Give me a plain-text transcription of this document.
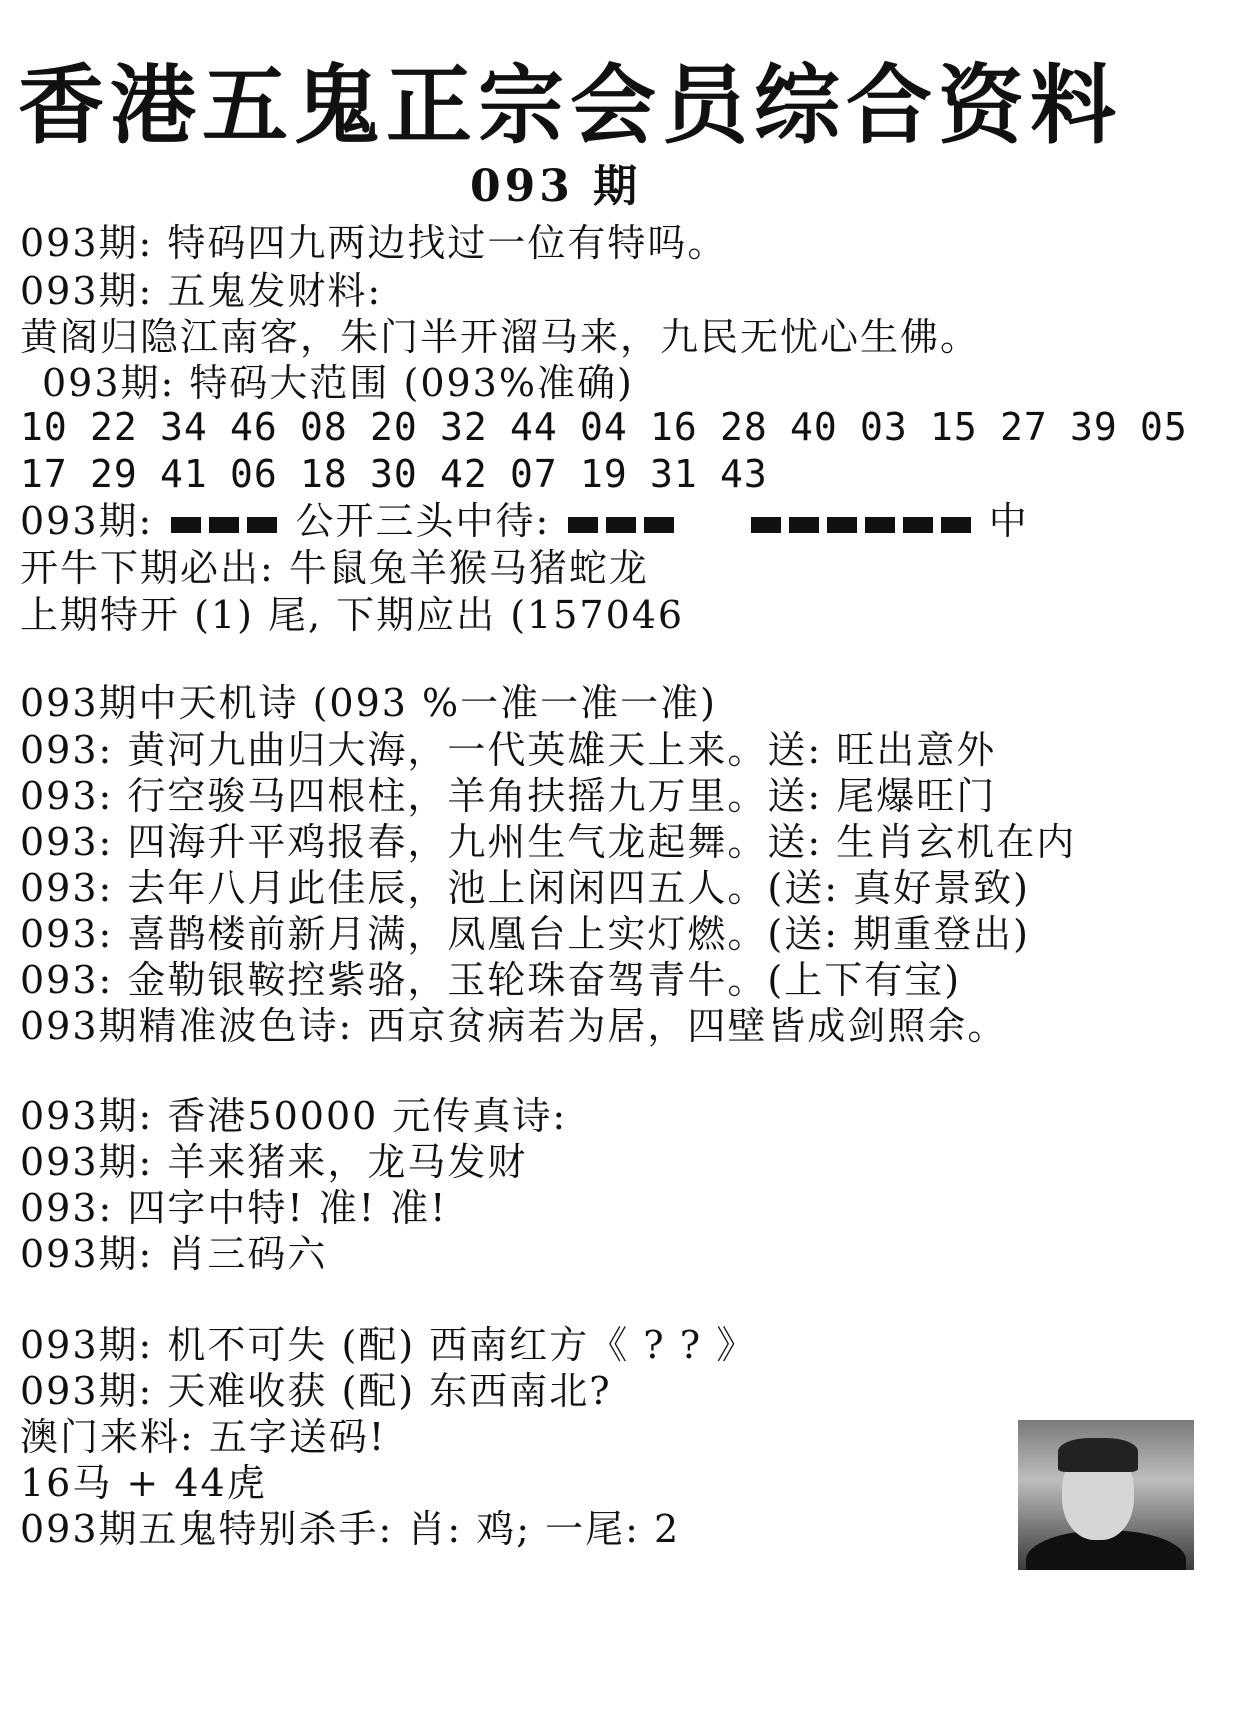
香港五鬼正宗会员综合资料
093 期
093期: 特码四九两边找过一位有特吗。
093期: 五鬼发财料:
黄阁归隐江南客，朱门半开溜马来，九民无忧心生佛。
093期: 特码大范围 (093%准确)
10 22 34 46 08 20 32 44 04 16 28 40 03 15 27 39 05
17 29 41 06 18 30 42 07 19 31 43
093期:	公开三头中待:	中
开牛下期必出: 牛鼠兔羊猴马猪蛇龙
上期特开 (1) 尾, 下期应出 (157046
093期中天机诗 (093 %一准一准一准)
093: 黄河九曲归大海，一代英雄天上来。送: 旺出意外
093: 行空骏马四根柱，羊角扶摇九万里。送: 尾爆旺门
093: 四海升平鸡报春，九州生气龙起舞。送: 生肖玄机在内
093: 去年八月此佳辰，池上闲闲四五人。(送: 真好景致)
093: 喜鹊楼前新月满，凤凰台上实灯燃。(送: 期重登出)
093: 金勒银鞍控紫骆，玉轮珠奋驾青牛。(上下有宝)
093期精准波色诗: 西京贫病若为居，四壁皆成剑照余。
093期: 香港50000 元传真诗:
093期: 羊来猪来，龙马发财
093: 四字中特! 准! 准!
093期: 肖三码六
093期: 机不可失 (配) 西南红方《 ? ? 》
093期: 天难收获 (配) 东西南北?
澳门来料: 五字送码!
16马 + 44虎
093期五鬼特别杀手: 肖: 鸡; 一尾: 2
